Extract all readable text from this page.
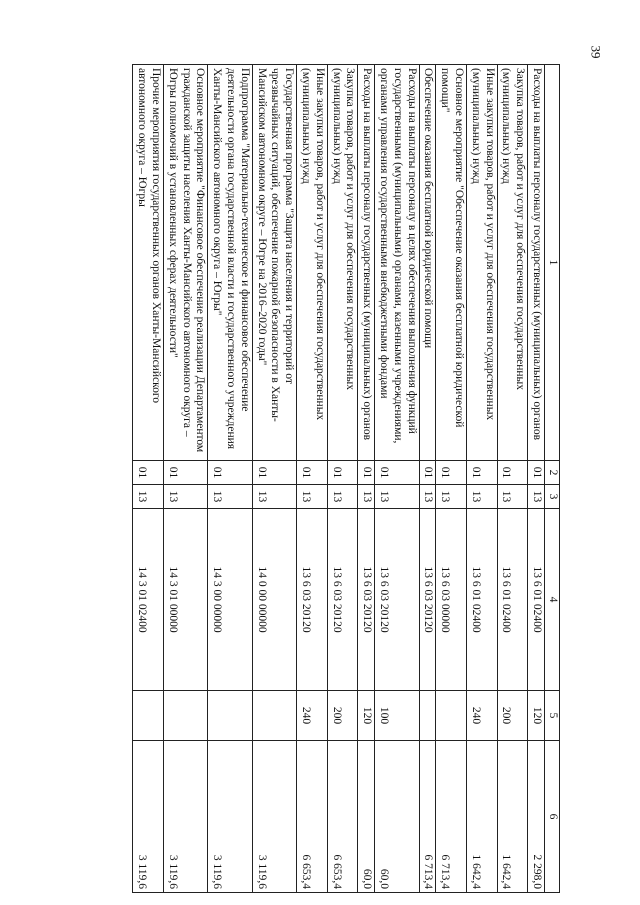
39
1	2	3	4	5	6
Расходы на выплаты персоналу государственных (муниципальных) органов	01	13	13 6 01 02400	120	2 298,0
Закупка товаров, работ и услуг для обеспечения государственных (муниципальных) нужд	01	13	13 6 01 02400	200	1 642,4
Иные закупки товаров, работ и услуг для обеспечения государственных (муниципальных) нужд	01	13	13 6 01 02400	240	1 642,4
Основное мероприятие "Обеспечение оказания бесплатной юридической помощи"	01	13	13 6 03 00000		6 713,4
Обеспечение оказания бесплатной юридической помощи	01	13	13 6 03 20120		6 713,4
Расходы на выплаты персоналу в целях обеспечения выполнения функций государственными (муниципальными) органами, казенными учреждениями, органами управления государственными внебюджетными фондами	01	13	13 6 03 20120	100	60,0
Расходы на выплаты персоналу государственных (муниципальных) органов	01	13	13 6 03 20120	120	60,0
Закупка товаров, работ и услуг для обеспечения государственных (муниципальных) нужд	01	13	13 6 03 20120	200	6 653,4
Иные закупки товаров, работ и услуг для обеспечения государственных (муниципальных) нужд	01	13	13 6 03 20120	240	6 653,4
Государственная программа "Защита населения и территорий от чрезвычайных ситуаций, обеспечение пожарной безопасности в Ханты-Мансийском автономном округе – Югре на 2016–2020 годы"	01	13	14 0 00 00000		3 119,6
Подпрограмма "Материально-техническое и финансовое обеспечение деятельности органа государственной власти и государственного учреждения Ханты-Мансийского автономного округа – Югры"	01	13	14 3 00 00000		3 119,6
Основное мероприятие "Финансовое обеспечение реализации Департаментом гражданской защиты населения Ханты-Мансийского автономного округа – Югры полномочий в установленных сферах деятельности"	01	13	14 3 01 00000		3 119,6
Прочие мероприятия государственных органов Ханты-Мансийского автономного округа – Югры	01	13	14 3 01 02400		3 119,6
